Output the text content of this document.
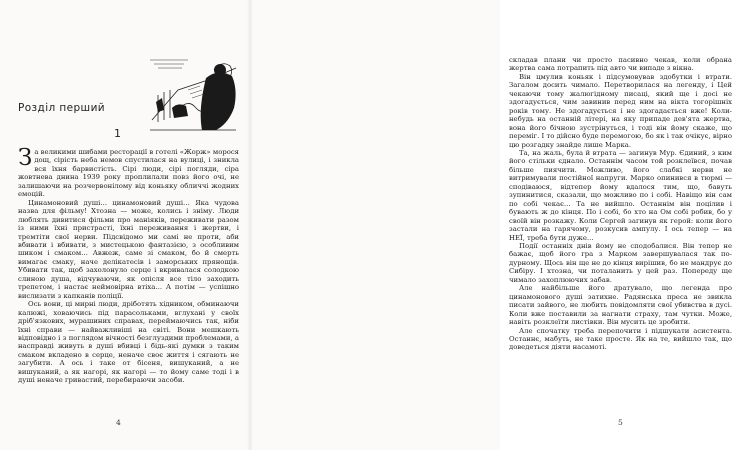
Розділ перший
1

За великими шибами ресторації в готелі «Жорж» морося дощ, сірість неба немов спустилася на вулиці, і зникла вся їхня барвистість. Сірі люди, сірі погляди, сіра жовтнева днина 1939 року проплилали повз його очі, не залишаючи на розчервонілому від коньяку обличчі жодних емоцій.

Цинамоновий душі… цинамоновий душі… Яка чудова назва для фільму! Хтозна — може, колись і зніму. Люди люблять дивитися фільми про маніяків, переживати разом із ними їхні пристрасті, їхні переживання і жертви, і тремтіти свої нерви. Підсвідомо ми самі не проти, аби вбивати і вбивати, з мистецькою фантазією, з особливим шиком і смаком… Авжеж, саме зі смаком, бо й смерть вимагає смаку, наче делікатесів і заморських прянощів. Убивати так, щоб захолонуло серце і вкривалася солодкою слиною душа, відчуваючи, як опісля все тіло заходить трепетом, і настає неймовірна втіха… А потім — успішно вислизати з капканів поліції.

Ось вони, ці мирні люди, дріботять хідником, обминаючи калюжі, ховаючись під парасольками, вглухані у своїх дріб'язкових, мурашиних справах, переймаючись так, ніби їхні справи — найважливіші на світі. Вони мешкають відповідно і з поглядом вічності безглуздими проблемами, а насправді живуть в душі вбивці і бідь-які думки з таким смаком вкладено в серце, неначе своє життя і сягають не загубити. А ось і таке от бісеня, вишуканий, а не вишуканий, а як нагорі, як нагорі — то йому саме тоді і в душі неначе гривастий, перебираючи засоби.

4

складав плани чи просто пасивно чекав, коли обрана жертва сама потрапить під авто чи випаде з вікна.

Він цмулив коньяк і підсумовував здобутки і втрати. Загалом досить чимало. Перетворилася на легенду, і Цей чекаючи тому жалюгідному писаці, який ще і досі не здогадується, чим завинив перед ним на вікта тогорішніх років тому. Не здогадується і не здогадається вже! Коли-небудь на останній літері, на яку припаде дев'ята жертва, вона його бічною зустрінуться, і тоді він йому скаже, що переміг. І то дійсно буде перемогою, бо як і так очікує, вірно цю розгадку знайде лише Марка.

Та, на жаль, була й втрата — загинув Мур. Єдиний, з ким його стільки єднало. Останнім часом той розклеївся, почав більше пиячити. Можливо, його слабкі нерви не витримували постійної напруги. Марко опинився в тюрмі — сподіваюся, відтепер йому вдалося тим, що, бавуть зупинитися, сказали, що можливо по і собі. Навіщо він сам по собі чекає… Та не вийшло. Останнім він поцілив і бувають ж до кінця. По і собі, бо хто на Ом собі робив, бо у своїй він розкажу. Коли Сергей загинув як герой: коли його застали на гарячому, розкусив ампулу. І ось тепер — на НЕЇ, треба бути дуже…

Події останніх днів йому не сподобалися. Він тепер не бажає, щоб його гра з Марком завершувалася так по-дурному. Щось він ще не до кінця вирішив, бо не мандрує до Сибіру. І хтозна, чи поталанить у цей раз. Попереду ще чимало захоплюючих забав.

Але найбільше його дратувало, що легенда про цинамонового душі затихне. Радянська преса не звикла писати зайвого, не любить повідомляти свої убивства в дусі. Коли вже поставили за нагнати страху, там чутки. Може, навіть розклеїти листівки. Він мусить це зробити.

Але спочатку треба перепочити і підшукати асистента. Останнє, мабуть, не таке просте. Як на те, вийшло так, що доведеться діяти насамоті.

5
